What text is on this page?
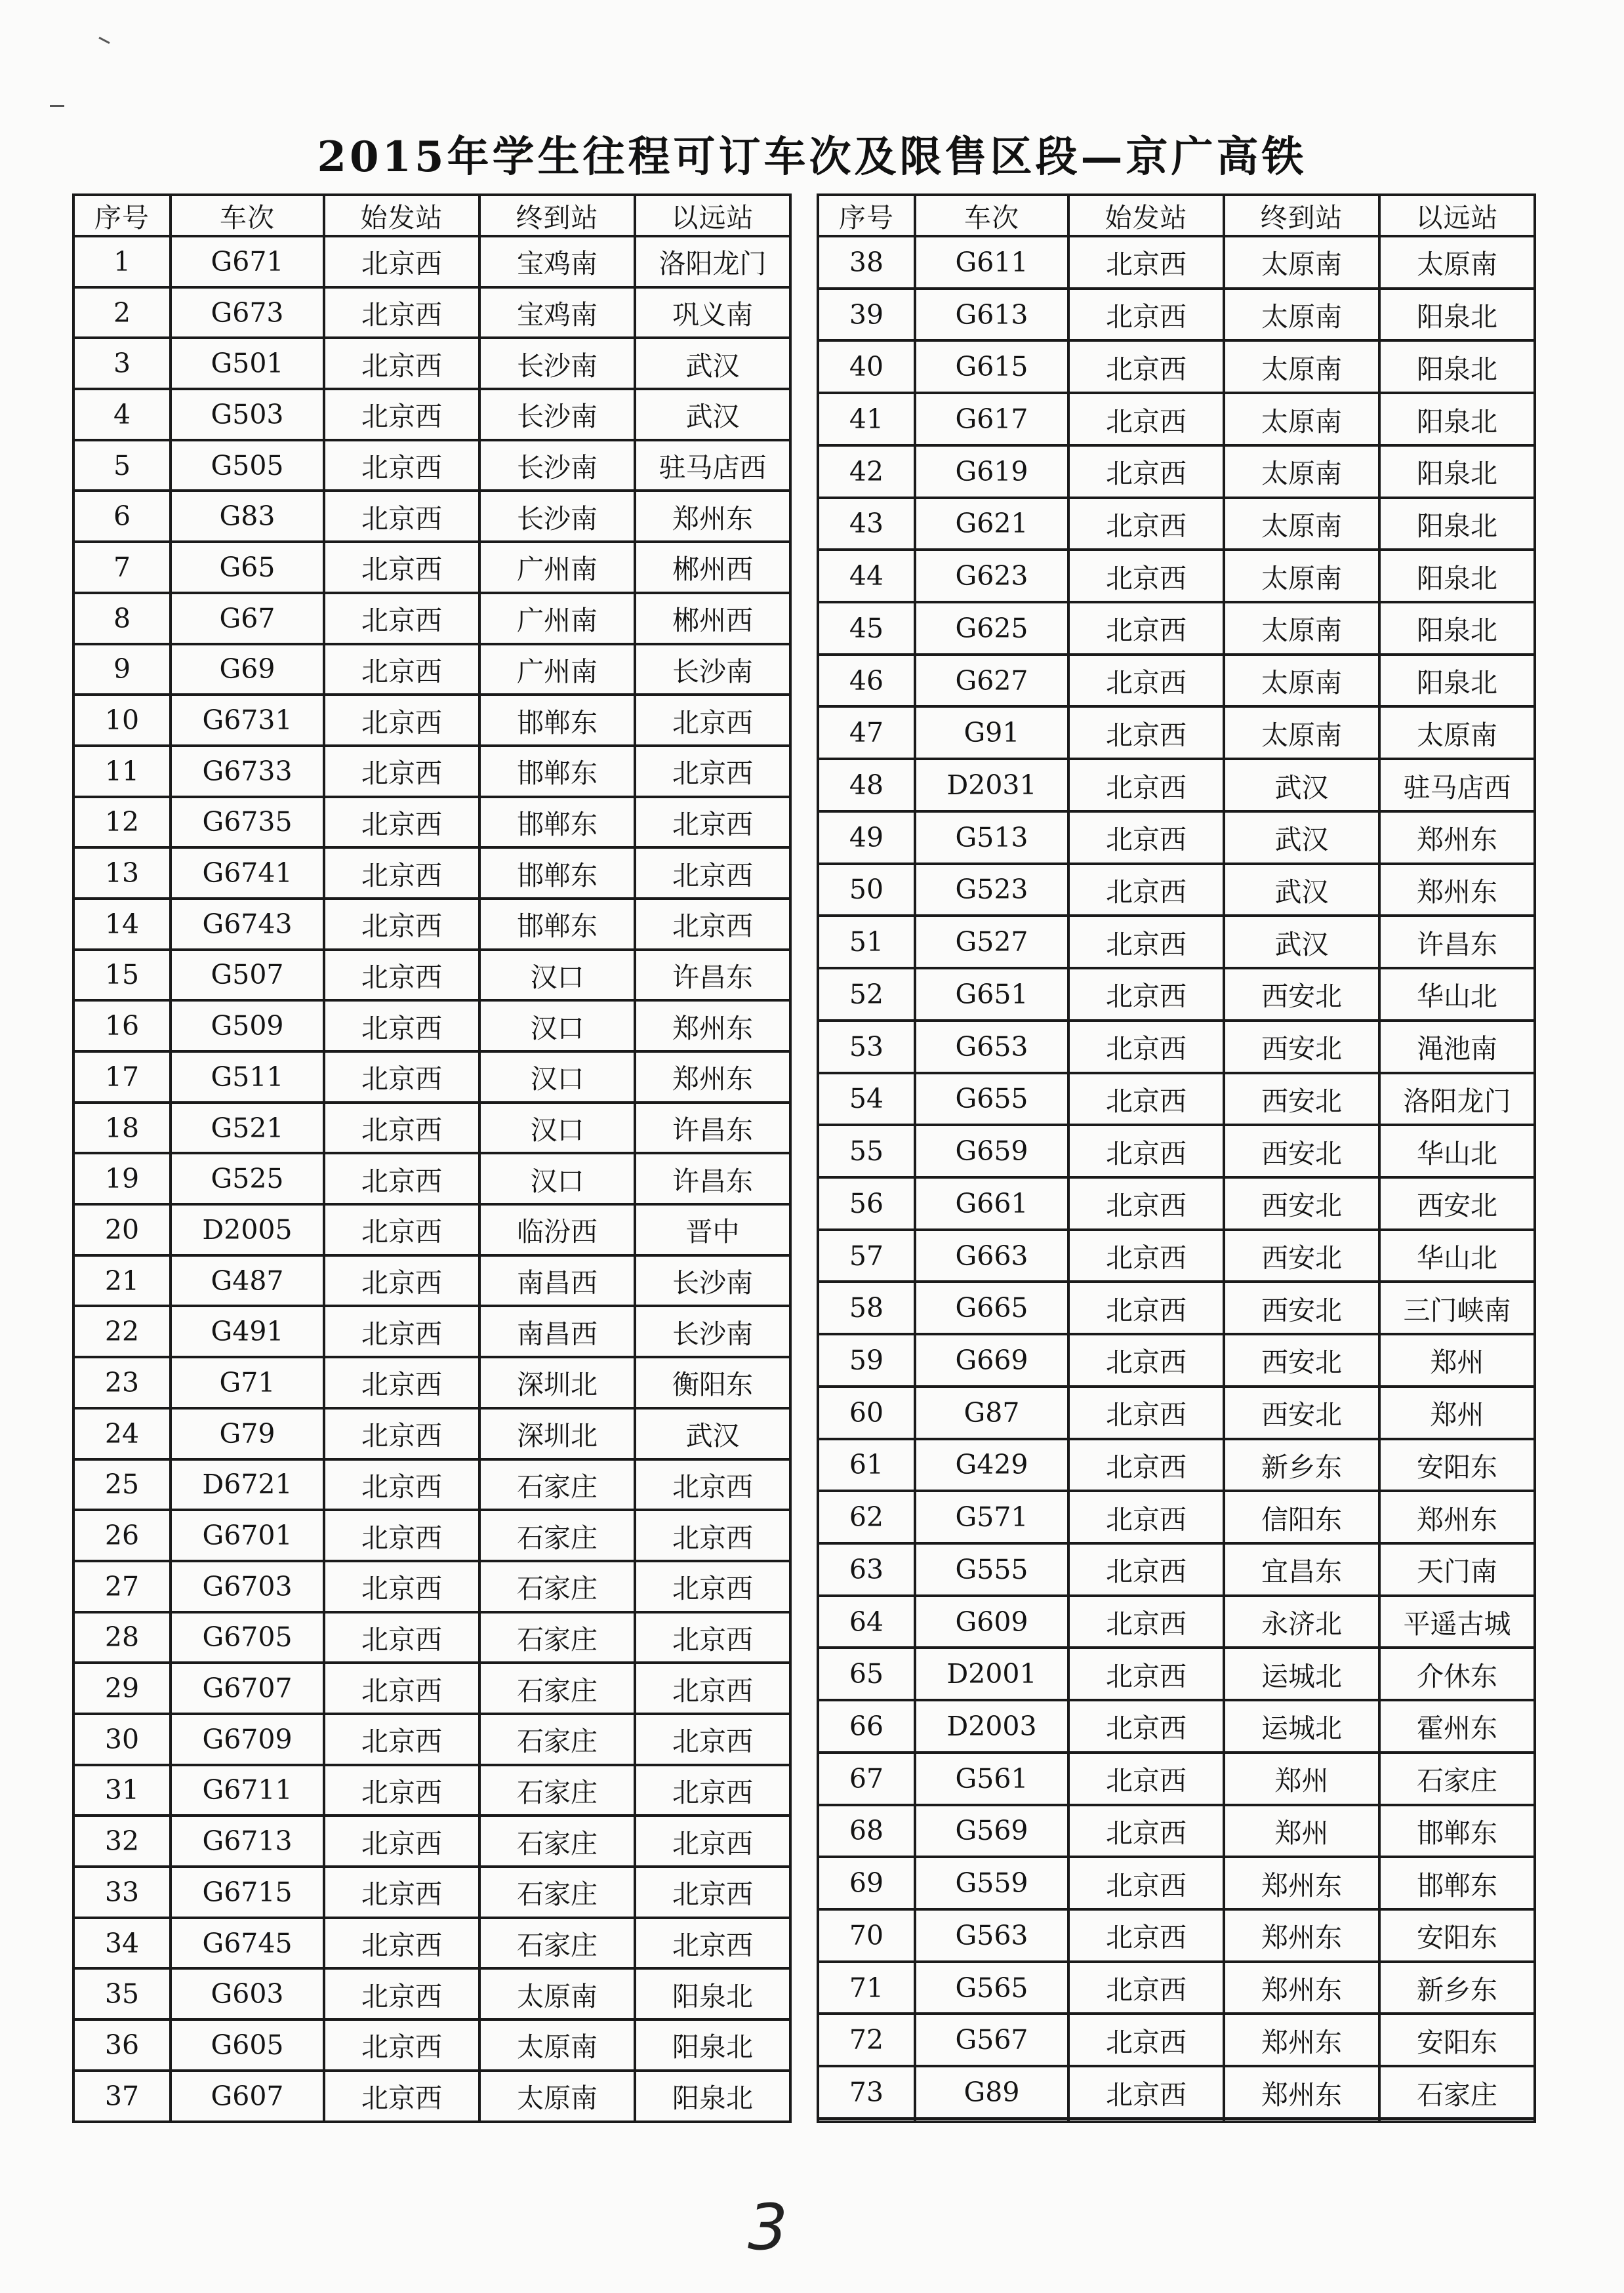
2015年学生往程可订车次及限售区段—京广高铁
序号	车次	始发站	终到站	以远站
1	G671	北京西	宝鸡南	洛阳龙门
2	G673	北京西	宝鸡南	巩义南
3	G501	北京西	长沙南	武汉
4	G503	北京西	长沙南	武汉
5	G505	北京西	长沙南	驻马店西
6	G83	北京西	长沙南	郑州东
7	G65	北京西	广州南	郴州西
8	G67	北京西	广州南	郴州西
9	G69	北京西	广州南	长沙南
10	G6731	北京西	邯郸东	北京西
11	G6733	北京西	邯郸东	北京西
12	G6735	北京西	邯郸东	北京西
13	G6741	北京西	邯郸东	北京西
14	G6743	北京西	邯郸东	北京西
15	G507	北京西	汉口	许昌东
16	G509	北京西	汉口	郑州东
17	G511	北京西	汉口	郑州东
18	G521	北京西	汉口	许昌东
19	G525	北京西	汉口	许昌东
20	D2005	北京西	临汾西	晋中
21	G487	北京西	南昌西	长沙南
22	G491	北京西	南昌西	长沙南
23	G71	北京西	深圳北	衡阳东
24	G79	北京西	深圳北	武汉
25	D6721	北京西	石家庄	北京西
26	G6701	北京西	石家庄	北京西
27	G6703	北京西	石家庄	北京西
28	G6705	北京西	石家庄	北京西
29	G6707	北京西	石家庄	北京西
30	G6709	北京西	石家庄	北京西
31	G6711	北京西	石家庄	北京西
32	G6713	北京西	石家庄	北京西
33	G6715	北京西	石家庄	北京西
34	G6745	北京西	石家庄	北京西
35	G603	北京西	太原南	阳泉北
36	G605	北京西	太原南	阳泉北
37	G607	北京西	太原南	阳泉北
序号	车次	始发站	终到站	以远站
38	G611	北京西	太原南	太原南
39	G613	北京西	太原南	阳泉北
40	G615	北京西	太原南	阳泉北
41	G617	北京西	太原南	阳泉北
42	G619	北京西	太原南	阳泉北
43	G621	北京西	太原南	阳泉北
44	G623	北京西	太原南	阳泉北
45	G625	北京西	太原南	阳泉北
46	G627	北京西	太原南	阳泉北
47	G91	北京西	太原南	太原南
48	D2031	北京西	武汉	驻马店西
49	G513	北京西	武汉	郑州东
50	G523	北京西	武汉	郑州东
51	G527	北京西	武汉	许昌东
52	G651	北京西	西安北	华山北
53	G653	北京西	西安北	渑池南
54	G655	北京西	西安北	洛阳龙门
55	G659	北京西	西安北	华山北
56	G661	北京西	西安北	西安北
57	G663	北京西	西安北	华山北
58	G665	北京西	西安北	三门峡南
59	G669	北京西	西安北	郑州
60	G87	北京西	西安北	郑州
61	G429	北京西	新乡东	安阳东
62	G571	北京西	信阳东	郑州东
63	G555	北京西	宜昌东	天门南
64	G609	北京西	永济北	平遥古城
65	D2001	北京西	运城北	介休东
66	D2003	北京西	运城北	霍州东
67	G561	北京西	郑州	石家庄
68	G569	北京西	郑州	邯郸东
69	G559	北京西	郑州东	邯郸东
70	G563	北京西	郑州东	安阳东
71	G565	北京西	郑州东	新乡东
72	G567	北京西	郑州东	安阳东
73	G89	北京西	郑州东	石家庄

3
